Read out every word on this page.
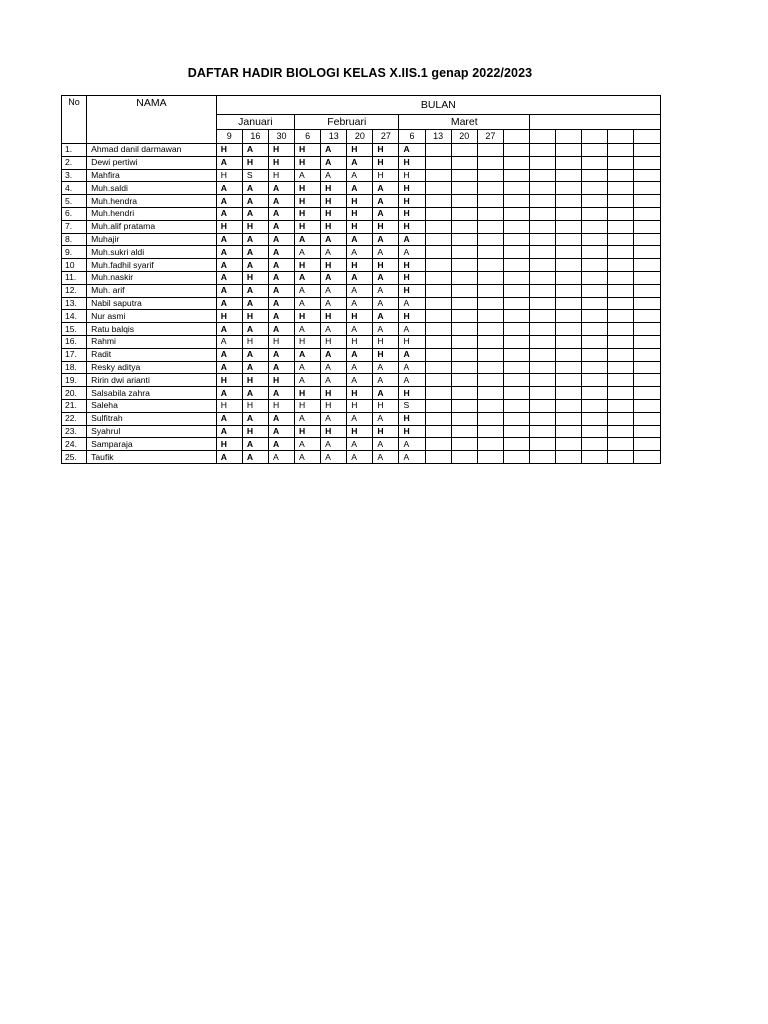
DAFTAR HADIR BIOLOGI KELAS X.IIS.1 genap 2022/2023
No	NAMA	BULAN																
		Januari			Februari				Maret									
		9	16	30	6	13	20	27	6	13	20	27						
1.	Ahmad danil darmawan	H	A	H	H	A	H	H	A									
2.	Dewi pertiwi	A	H	H	H	A	A	H	H									
3.	Mahfira	H	S	H	A	A	A	H	H									
4.	Muh.saldi	A	A	A	H	H	A	A	H									
5.	Muh.hendra	A	A	A	H	H	H	A	H									
6.	Muh.hendri	A	A	A	H	H	H	A	H									
7.	Muh.alif pratama	H	H	A	H	H	H	H	H									
8.	Muhajir	A	A	A	A	A	A	A	A									
9.	Muh.sukri aldi	A	A	A	A	A	A	A	A									
10	Muh.fadhil syarif	A	A	A	H	H	H	H	H									
11.	Muh.naskir	A	H	A	A	A	A	A	H									
12.	Muh. arif	A	A	A	A	A	A	A	H									
13.	Nabil saputra	A	A	A	A	A	A	A	A									
14.	Nur asmi	H	H	A	H	H	H	A	H									
15.	Ratu balqis	A	A	A	A	A	A	A	A									
16.	Rahmi	A	H	H	H	H	H	H	H									
17.	Radit	A	A	A	A	A	A	H	A									
18.	Resky aditya	A	A	A	A	A	A	A	A									
19.	Ririn dwi arianti	H	H	H	A	A	A	A	A									
20.	Salsabila zahra	A	A	A	H	H	H	A	H									
21.	Saleha	H	H	H	H	H	H	H	S									
22.	Sulfitrah	A	A	A	A	A	A	A	H									
23.	Syahrul	A	H	A	H	H	H	H	H									
24.	Samparaja	H	A	A	A	A	A	A	A									
25.	Taufik	A	A	A	A	A	A	A	A									
